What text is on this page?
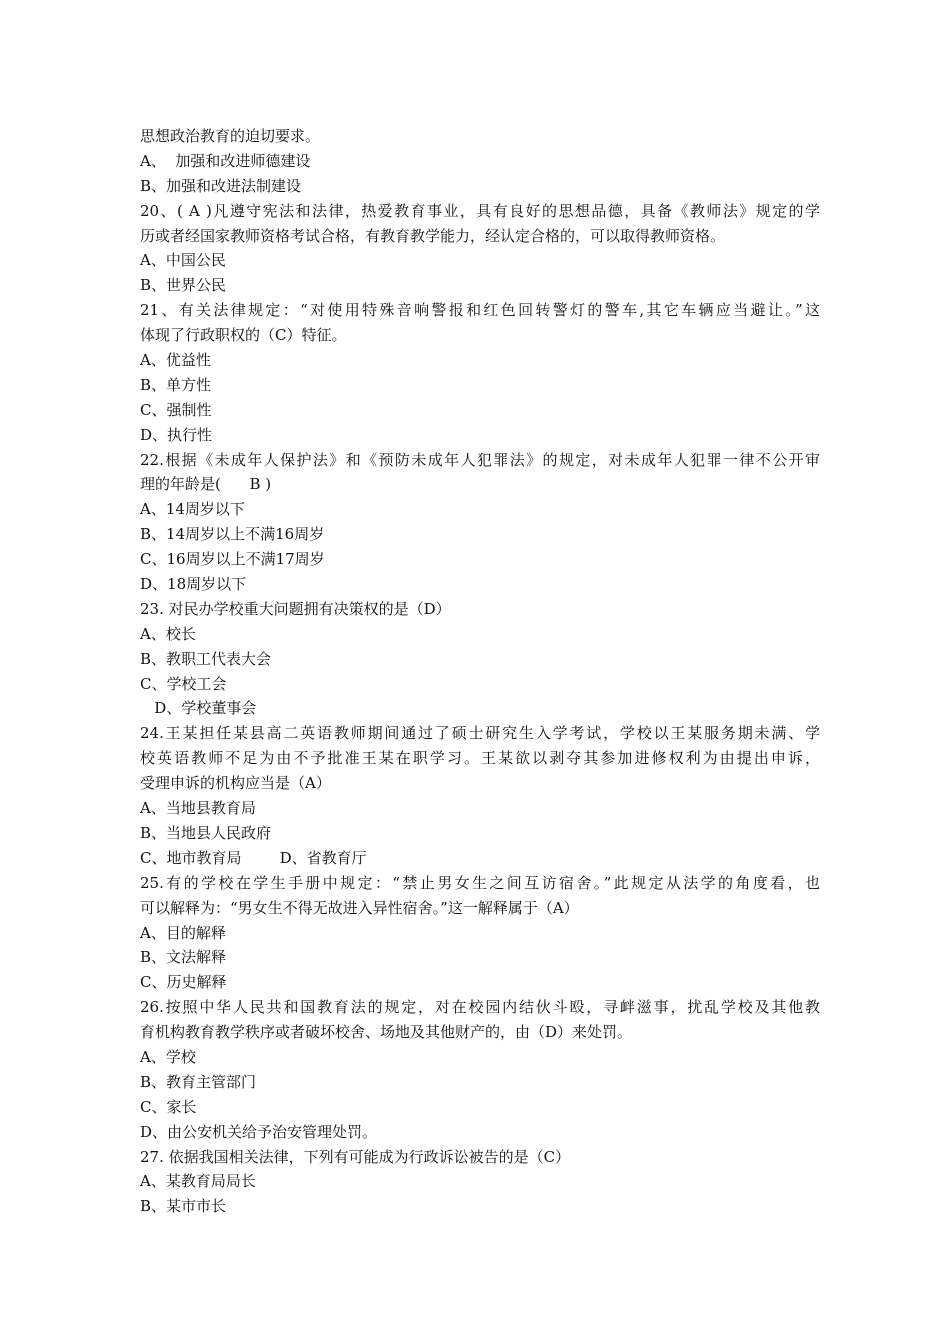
思想政治教育的迫切要求。
A、  加强和改进师德建设
B、加强和改进法制建设
20、( A )凡遵守宪法和法律，热爱教育事业，具有良好的思想品德，具备《教师法》规定的学
历或者经国家教师资格考试合格，有教育教学能力，经认定合格的，可以取得教师资格。
A、中国公民
B、世界公民
21、有关法律规定：“对使用特殊音响警报和红色回转警灯的警车,其它车辆应当避让。”这
体现了行政职权的（C）特征。
A、优益性
B、单方性
C、强制性
D、执行性
22.根据《未成年人保护法》和《预防未成年人犯罪法》的规定，对未成年人犯罪一律不公开审
理的年龄是(      B )
A、14周岁以下
B、14周岁以上不满16周岁
C、16周岁以上不满17周岁
D、18周岁以下
23. 对民办学校重大问题拥有决策权的是（D）
A、校长
B、教职工代表大会
C、学校工会
D、学校董事会
24.王某担任某县高二英语教师期间通过了硕士研究生入学考试，学校以王某服务期未满、学
校英语教师不足为由不予批准王某在职学习。王某欲以剥夺其参加进修权利为由提出申诉，
受理申诉的机构应当是（A）
A、当地县教育局
B、当地县人民政府
C、地市教育局        D、省教育厅
25.有的学校在学生手册中规定：“禁止男女生之间互访宿舍。”此规定从法学的角度看，也
可以解释为：“男女生不得无故进入异性宿舍。”这一解释属于（A）
A、目的解释
B、文法解释
C、历史解释
26.按照中华人民共和国教育法的规定，对在校园内结伙斗殴，寻衅滋事，扰乱学校及其他教
育机构教育教学秩序或者破坏校舍、场地及其他财产的，由（D）来处罚。
A、学校
B、教育主管部门
C、家长
D、由公安机关给予治安管理处罚。
27. 依据我国相关法律，下列有可能成为行政诉讼被告的是（C）
A、某教育局局长
B、某市市长
